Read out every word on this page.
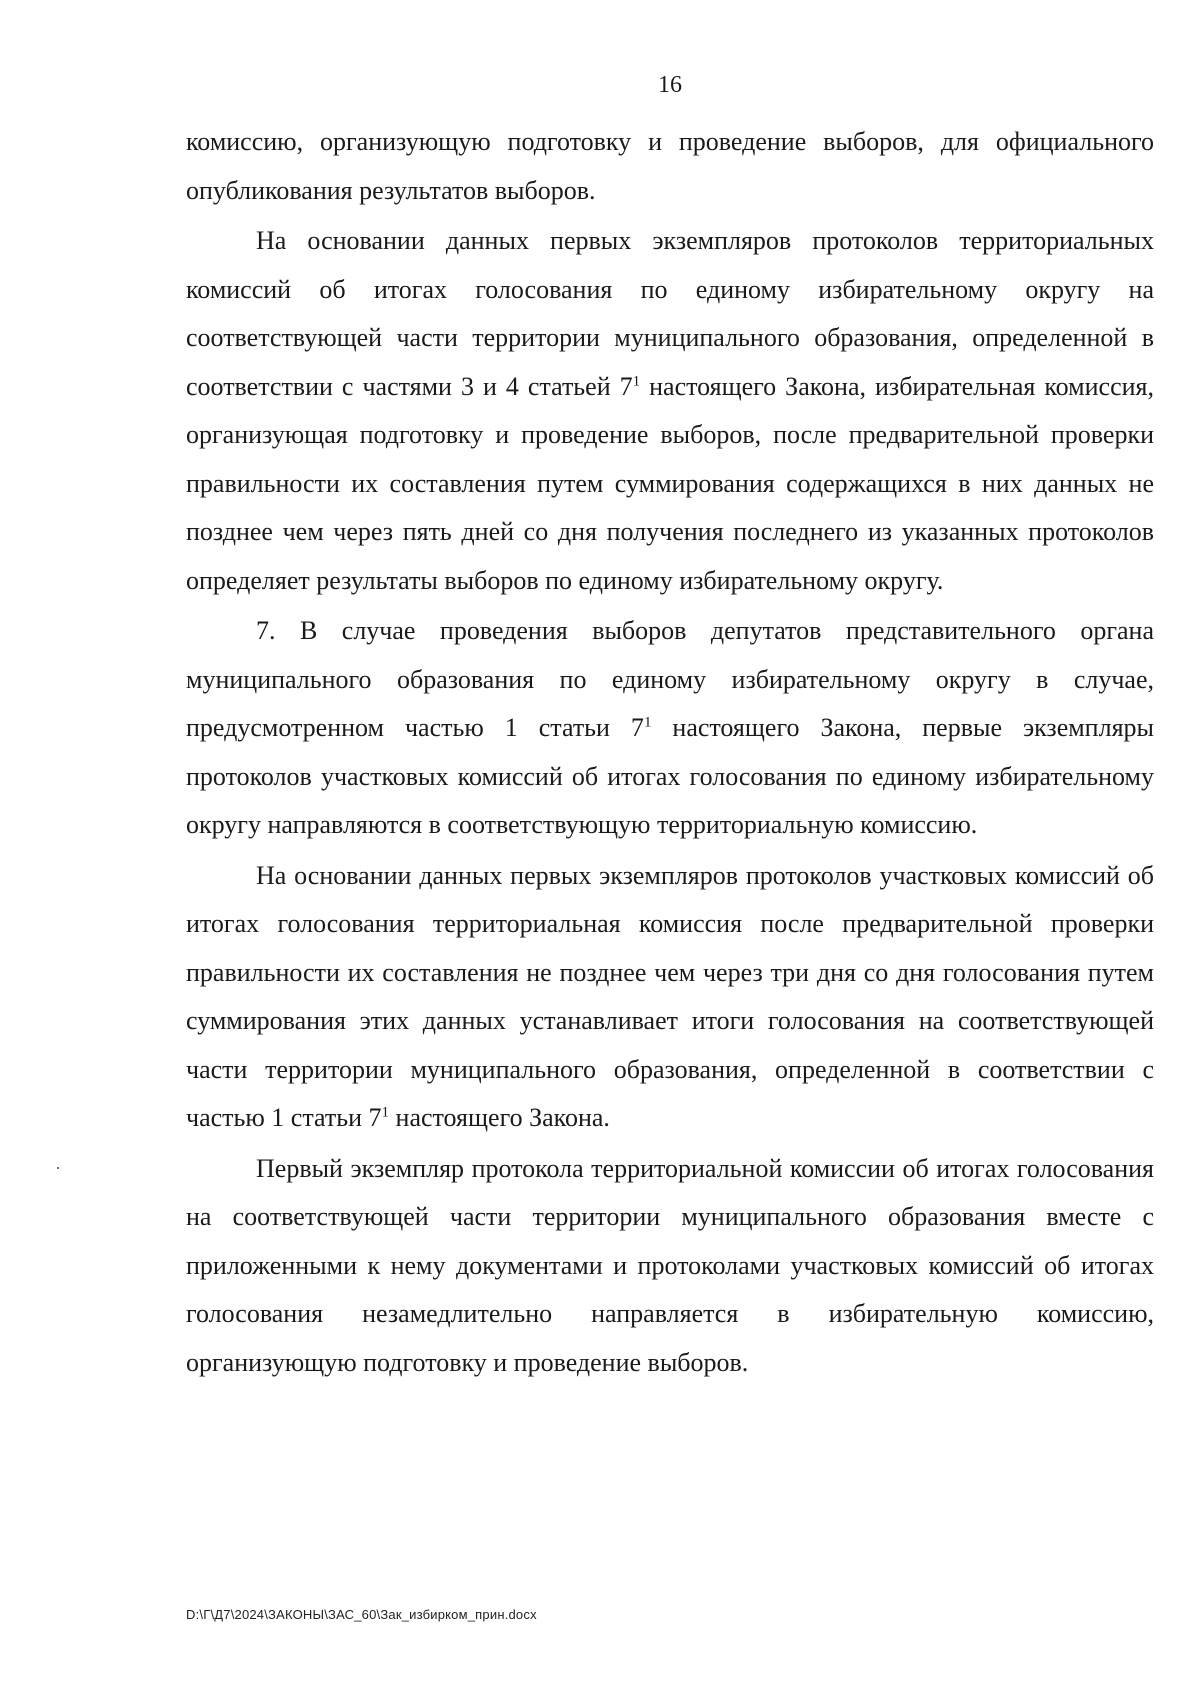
16

комиссию, организующую подготовку и проведение выборов, для официального опубликования результатов выборов.

На основании данных первых экземпляров протоколов территориальных комиссий об итогах голосования по единому избирательному округу на соответствующей части территории муниципального образования, определенной в соответствии с частями 3 и 4 статьей $7^1$ настоящего Закона, избирательная комиссия, организующая подготовку и проведение выборов, после предварительной проверки правильности их составления путем суммирования содержащихся в них данных не позднее чем через пять дней со дня получения последнего из указанных протоколов определяет результаты выборов по единому избирательному округу.

7. В случае проведения выборов депутатов представительного органа муниципального образования по единому избирательному округу в случае, предусмотренном частью 1 статьи $7^1$ настоящего Закона, первые экземпляры протоколов участковых комиссий об итогах голосования по единому избирательному округу направляются в соответствующую территориальную комиссию.

На основании данных первых экземпляров протоколов участковых комиссий об итогах голосования территориальная комиссия после предварительной проверки правильности их составления не позднее чем через три дня со дня голосования путем суммирования этих данных устанавливает итоги голосования на соответствующей части территории муниципального образования, определенной в соответствии с частью 1 статьи $7^1$ настоящего Закона.

Первый экземпляр протокола территориальной комиссии об итогах голосования на соответствующей части территории муниципального образования вместе с приложенными к нему документами и протоколами участковых комиссий об итогах голосования незамедлительно направляется в избирательную комиссию, организующую подготовку и проведение выборов.

D:\Г\Д7\2024\ЗАКОНЫ\ЗАС_60\Зак_избирком_прин.docx
